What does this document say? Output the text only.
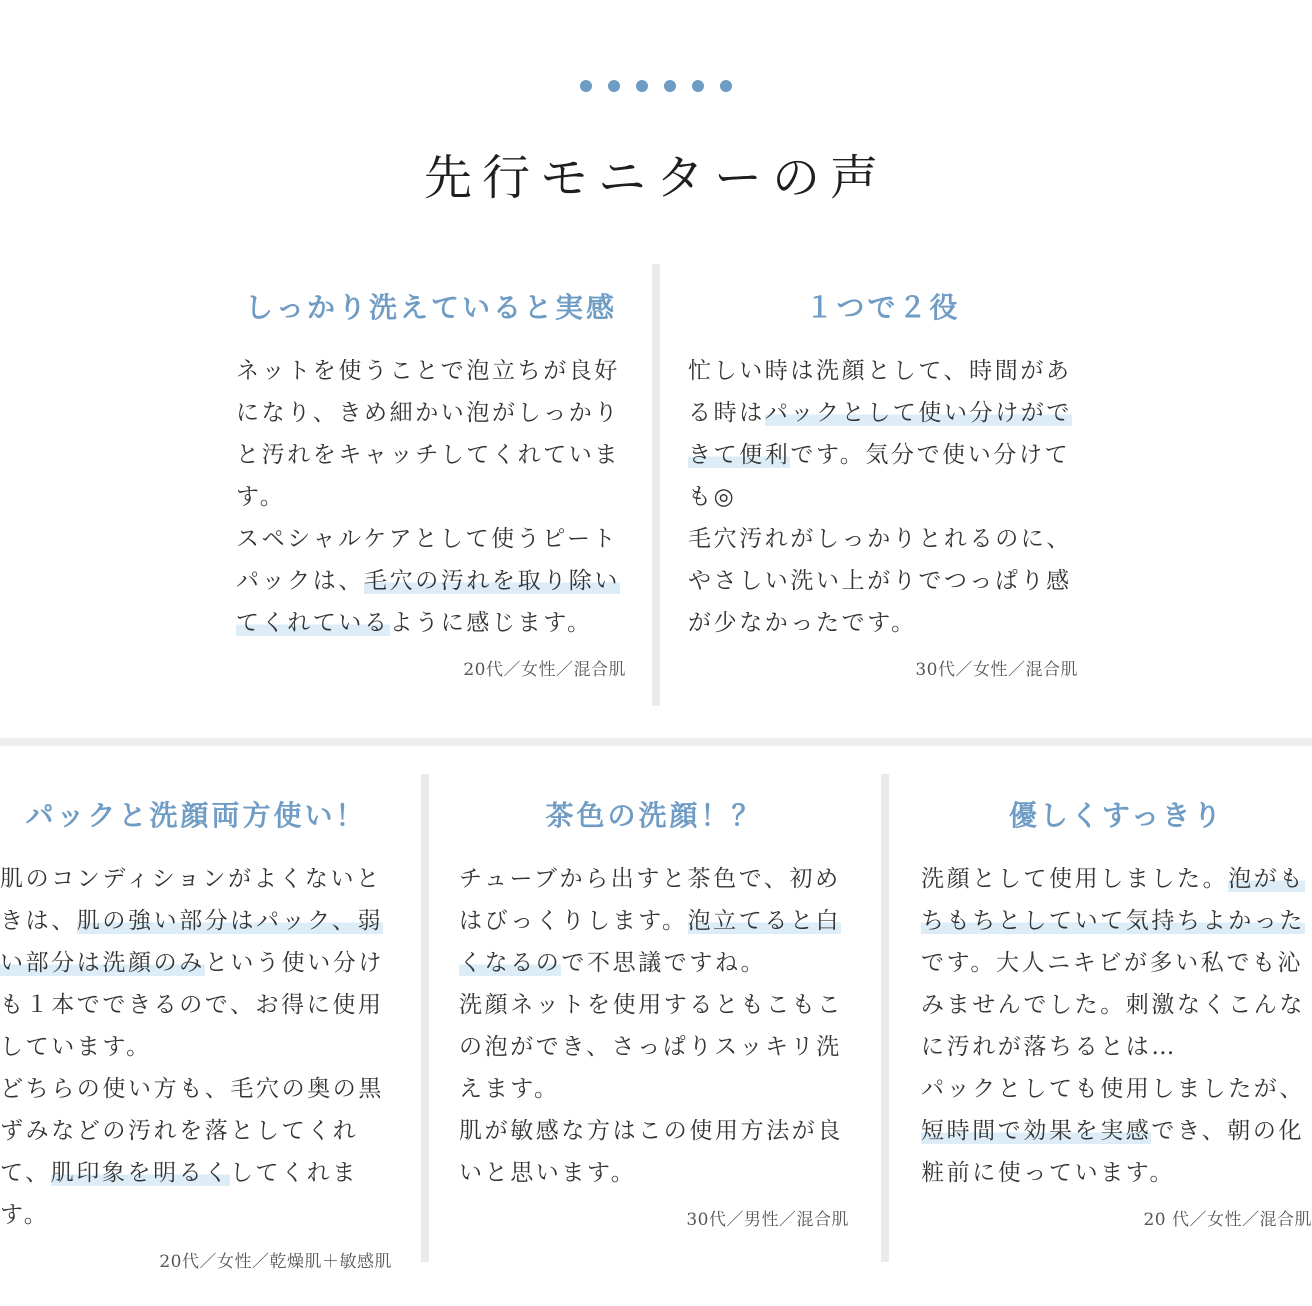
先行モニターの声
しっかり洗えていると実感

ネットを使うことで泡立ちが良好になり、きめ細かい泡がしっかりと汚れをキャッチしてくれています。
スペシャルケアとして使うピートパックは、毛穴の汚れを取り除いてくれているように感じます。

20代／女性／混合肌
１つで２役

忙しい時は洗顔として、時間がある時はパックとして使い分けができて便利です。気分で使い分けても◎
毛穴汚れがしっかりとれるのに、やさしい洗い上がりでつっぱり感が少なかったです。

30代／女性／混合肌
パックと洗顔両方使い！

肌のコンディションがよくないときは、肌の強い部分はパック、弱い部分は洗顔のみという使い分けも１本でできるので、お得に使用しています。
どちらの使い方も、毛穴の奥の黒ずみなどの汚れを落としてくれて、肌印象を明るくしてくれます。

20代／女性／乾燥肌＋敏感肌
茶色の洗顔！？

チューブから出すと茶色で、初めはびっくりします。泡立てると白くなるので不思議ですね。
洗顔ネットを使用するともこもこの泡ができ、さっぱりスッキリ洗えます。
肌が敏感な方はこの使用方法が良いと思います。

30代／男性／混合肌
優しくすっきり

洗顔として使用しました。泡がもちもちとしていて気持ちよかったです。大人ニキビが多い私でも沁みませんでした。刺激なくこんなに汚れが落ちるとは…
パックとしても使用しましたが、短時間で効果を実感でき、朝の化粧前に使っています。

20 代／女性／混合肌
